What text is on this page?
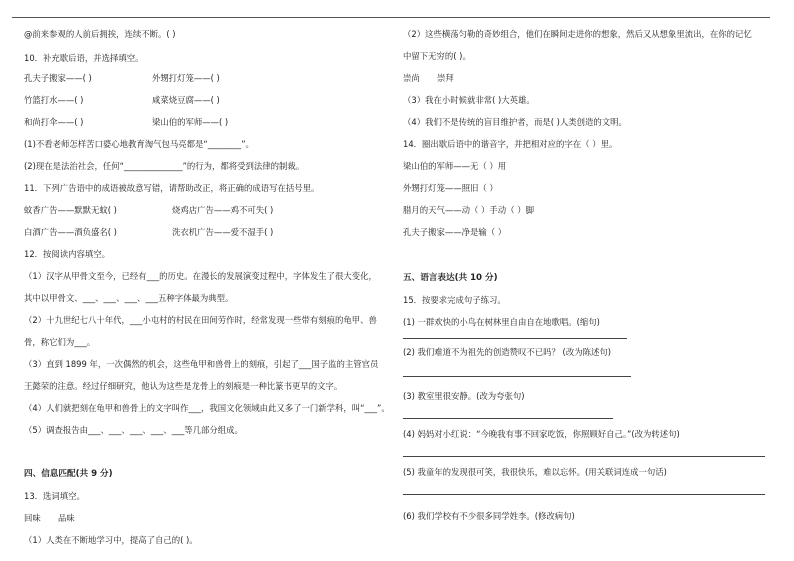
@前来参观的人前后拥挨，连续不断。( )
10．补充歇后语，并选择填空。
孔夫子搬家——( )	外甥打灯笼——( )
竹篮打水——( )	咸菜烧豆腐——( )
和尚打伞——( )	梁山伯的军师——( )
(1)不看老师怎样苦口婆心地教育淘气包马亮都是“________”。
(2)现在是法治社会，任何“______________”的行为，都将受到法律的制裁。
11．下列广告语中的成语被故意写错，请帮助改正，将正确的成语写在括号里。
蚊香广告——默默无蚊( )	烧鸡店广告——鸡不可失( )
白酒广告——酒负盛名( )	洗衣机广告——爱不湿手( )
12．按阅读内容填空。
（1）汉字从甲骨文至今，已经有___的历史。在漫长的发展演变过程中，字体发生了很大变化，
其中以甲骨文、___、___、___、___五种字体最为典型。
（2）十九世纪七八十年代，___小屯村的村民在田间劳作时，经常发现一些带有刻痕的龟甲、兽
骨，称它们为___。
（3）直到 1899 年，一次偶然的机会，这些龟甲和兽骨上的刻痕，引起了___国子监的主管官员
王懿荣的注意。经过仔细研究，他认为这些是龙骨上的刻痕是一种比篆书更早的文字。
（4）人们就把刻在龟甲和兽骨上的文字叫作___，我国文化领域由此又多了一门新学科，叫“___”。
（5）调查报告由___、___、___、___、___等几部分组成。
四、信息匹配(共 9 分)
13．选词填空。
回味 品味
（1）人类在不断地学习中，提高了自己的( )。
（2）这些横荡匀勒的奇妙组合，他们在瞬间走进你的想象，然后又从想象里流出，在你的记忆
中留下无穷的( )。
崇尚 崇拜
（3）我在小时候就非常( )大英雄。
（4）我们不是传统的盲目维护者，而是( )人类创造的文明。
14．圈出歇后语中的谐音字，并把相对应的字在（ ）里。
梁山伯的军师——无（ ）用
外甥打灯笼——照旧（ ）
腊月的天气——动（ ）手动（ ）脚
孔夫子搬家——净是输（ ）
五、语言表达(共 10 分)
15．按要求完成句子练习。
(1) 一群欢快的小鸟在树林里自由自在地歌唱。(缩句)
(2) 我们难道不为祖先的创造赞叹不已吗？ (改为陈述句)
(3) 教室里很安静。(改为夸张句)
(4) 妈妈对小红说：“今晚我有事不回家吃饭，你照顾好自己。”(改为转述句)
(5) 我童年的发现很可笑，我很快乐，难以忘怀。(用关联词连成一句话)
(6) 我们学校有不少很多同学姓李。(修改病句)
